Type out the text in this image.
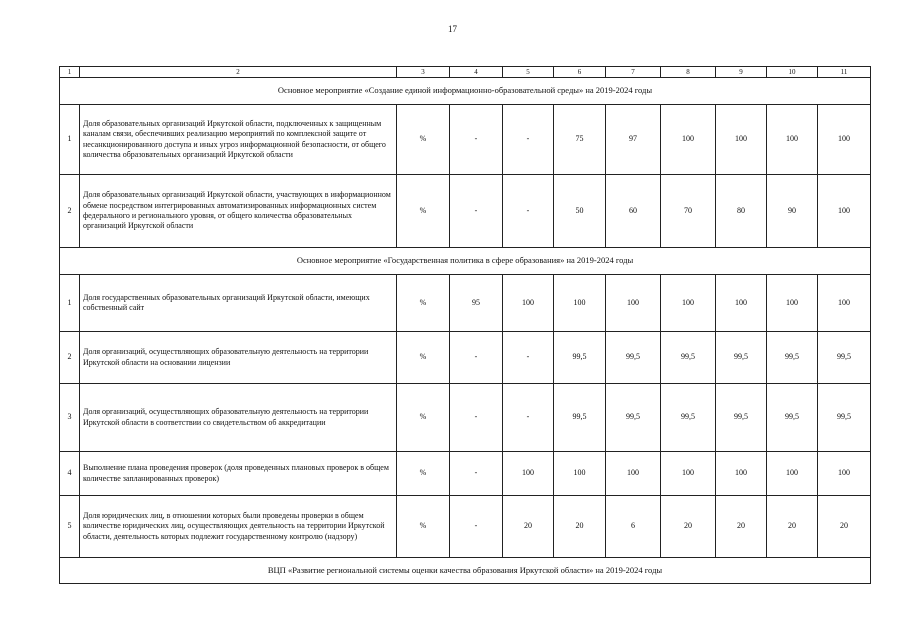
17
1	2	3	4	5	6	7	8	9	10	11
Основное мероприятие «Создание единой информационно-образовательной среды» на 2019-2024 годы										
1	Доля образовательных организаций Иркутской области, подключенных к защищенным каналам связи, обеспечивших реализацию мероприятий по комплексной защите от несанкционированного доступа и иных угроз информационной безопасности, от общего количества образовательных организаций Иркутской области	%	-	-	75	97	100	100	100	100
2	Доля образовательных организаций Иркутской области, участвующих в информационном обмене посредством интегрированных автоматизированных информационных систем федерального и регионального уровня, от общего количества образовательных организаций Иркутской области	%	-	-	50	60	70	80	90	100
Основное мероприятие «Государственная политика в сфере образования» на 2019-2024 годы										
1	Доля государственных образовательных организаций Иркутской области, имеющих собственный сайт	%	95	100	100	100	100	100	100	100
2	Доля организаций, осуществляющих образовательную деятельность на территории Иркутской области на основании лицензии	%	-	-	99,5	99,5	99,5	99,5	99,5	99,5
3	Доля организаций, осуществляющих образовательную деятельность на территории Иркутской области в соответствии со свидетельством об аккредитации	%	-	-	99,5	99,5	99,5	99,5	99,5	99,5
4	Выполнение плана проведения проверок (доля проведенных плановых проверок в общем количестве запланированных проверок)	%	-	100	100	100	100	100	100	100
5	Доля юридических лиц, в отношении которых были проведены проверки в общем количестве юридических лиц, осуществляющих деятельность на территории Иркутской области, деятельность которых подлежит государственному контролю (надзору)	%	-	20	20	6	20	20	20	20
ВЦП «Развитие региональной системы оценки качества образования Иркутской области» на 2019-2024 годы										
